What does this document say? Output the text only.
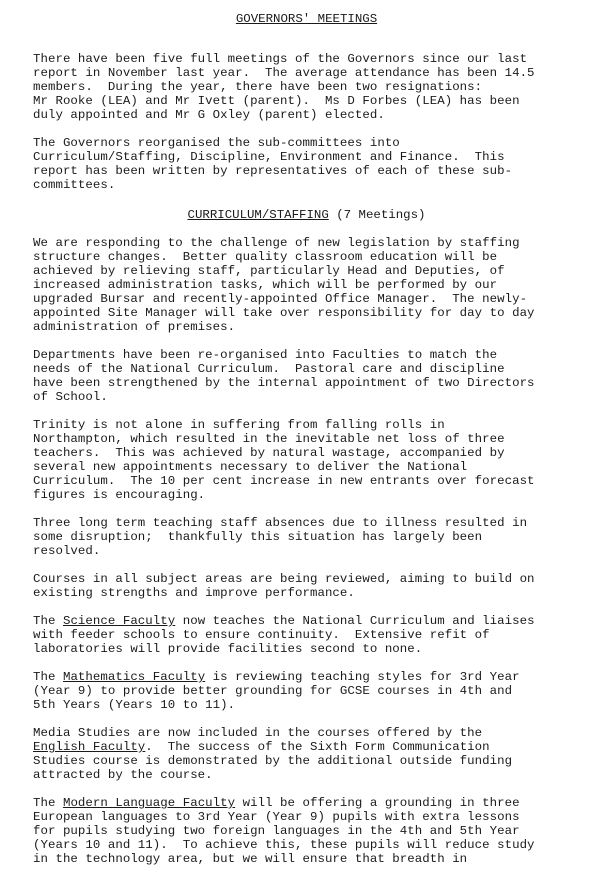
GOVERNORS' MEETINGS

There have been five full meetings of the Governors since our last
report in November last year.  The average attendance has been 14.5
members.  During the year, there have been two resignations:
Mr Rooke (LEA) and Mr Ivett (parent).  Ms D Forbes (LEA) has been
duly appointed and Mr G Oxley (parent) elected.

The Governors reorganised the sub-committees into
Curriculum/Staffing, Discipline, Environment and Finance.  This
report has been written by representatives of each of these sub-
committees.

CURRICULUM/STAFFING (7 Meetings)

We are responding to the challenge of new legislation by staffing
structure changes.  Better quality classroom education will be
achieved by relieving staff, particularly Head and Deputies, of
increased administration tasks, which will be performed by our
upgraded Bursar and recently-appointed Office Manager.  The newly-
appointed Site Manager will take over responsibility for day to day
administration of premises.

Departments have been re-organised into Faculties to match the
needs of the National Curriculum.  Pastoral care and discipline
have been strengthened by the internal appointment of two Directors
of School.

Trinity is not alone in suffering from falling rolls in
Northampton, which resulted in the inevitable net loss of three
teachers.  This was achieved by natural wastage, accompanied by
several new appointments necessary to deliver the National
Curriculum.  The 10 per cent increase in new entrants over forecast
figures is encouraging.

Three long term teaching staff absences due to illness resulted in
some disruption;  thankfully this situation has largely been
resolved.

Courses in all subject areas are being reviewed, aiming to build on
existing strengths and improve performance.

The Science Faculty now teaches the National Curriculum and liaises
with feeder schools to ensure continuity.  Extensive refit of
laboratories will provide facilities second to none.

The Mathematics Faculty is reviewing teaching styles for 3rd Year
(Year 9) to provide better grounding for GCSE courses in 4th and
5th Years (Years 10 to 11).

Media Studies are now included in the courses offered by the
English Faculty.  The success of the Sixth Form Communication
Studies course is demonstrated by the additional outside funding
attracted by the course.

The Modern Language Faculty will be offering a grounding in three
European languages to 3rd Year (Year 9) pupils with extra lessons
for pupils studying two foreign languages in the 4th and 5th Year
(Years 10 and 11).  To achieve this, these pupils will reduce study
in the technology area, but we will ensure that breadth in
